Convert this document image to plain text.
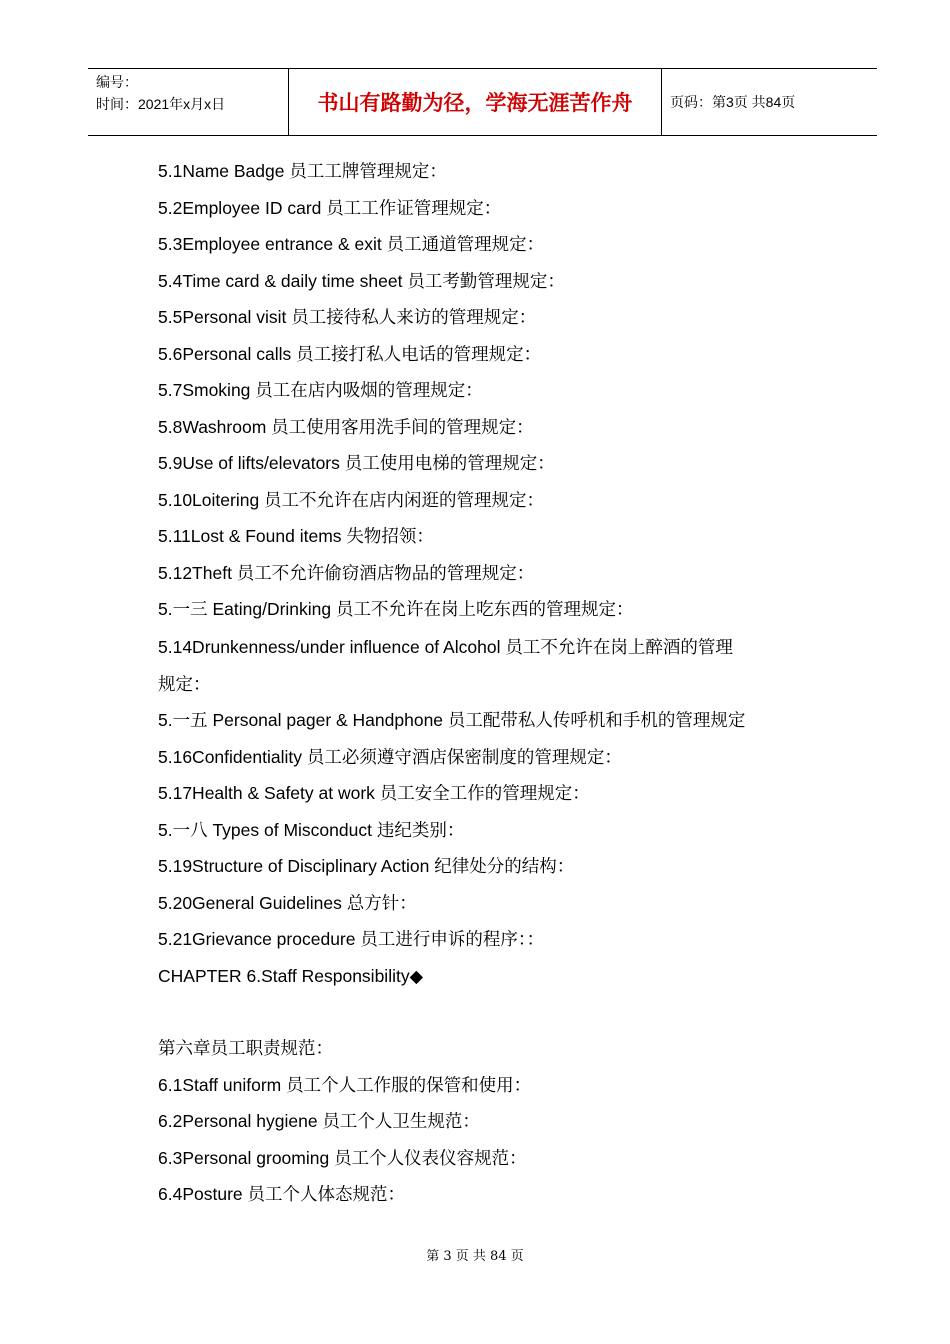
编号：
时间：2021年x月x日	书山有路勤为径，学海无涯苦作舟	页码：第3页 共84页
5.1Name Badge 员工工牌管理规定：
5.2Employee ID card 员工工作证管理规定：
5.3Employee entrance & exit 员工通道管理规定：
5.4Time card & daily time sheet 员工考勤管理规定：
5.5Personal visit 员工接待私人来访的管理规定：
5.6Personal calls 员工接打私人电话的管理规定：
5.7Smoking 员工在店内吸烟的管理规定：
5.8Washroom 员工使用客用洗手间的管理规定：
5.9Use of lifts/elevators 员工使用电梯的管理规定：
5.10Loitering 员工不允许在店内闲逛的管理规定：
5.11Lost & Found items 失物招领：
5.12Theft 员工不允许偷窃酒店物品的管理规定：
5.一三 Eating/Drinking 员工不允许在岗上吃东西的管理规定：
5.14Drunkenness/under influence of Alcohol 员工不允许在岗上醉酒的管理
规定：
5.一五 Personal pager & Handphone 员工配带私人传呼机和手机的管理规定
5.16Confidentiality 员工必须遵守酒店保密制度的管理规定：
5.17Health & Safety at work 员工安全工作的管理规定：
5.一八 Types of Misconduct 违纪类别：
5.19Structure of Disciplinary Action 纪律处分的结构：
5.20General Guidelines 总方针：
5.21Grievance procedure 员工进行申诉的程序：：
CHAPTER 6.Staff Responsibility◆
第六章员工职责规范：
6.1Staff uniform 员工个人工作服的保管和使用：
6.2Personal hygiene 员工个人卫生规范：
6.3Personal grooming 员工个人仪表仪容规范：
6.4Posture 员工个人体态规范：
第 3 页 共 84 页
